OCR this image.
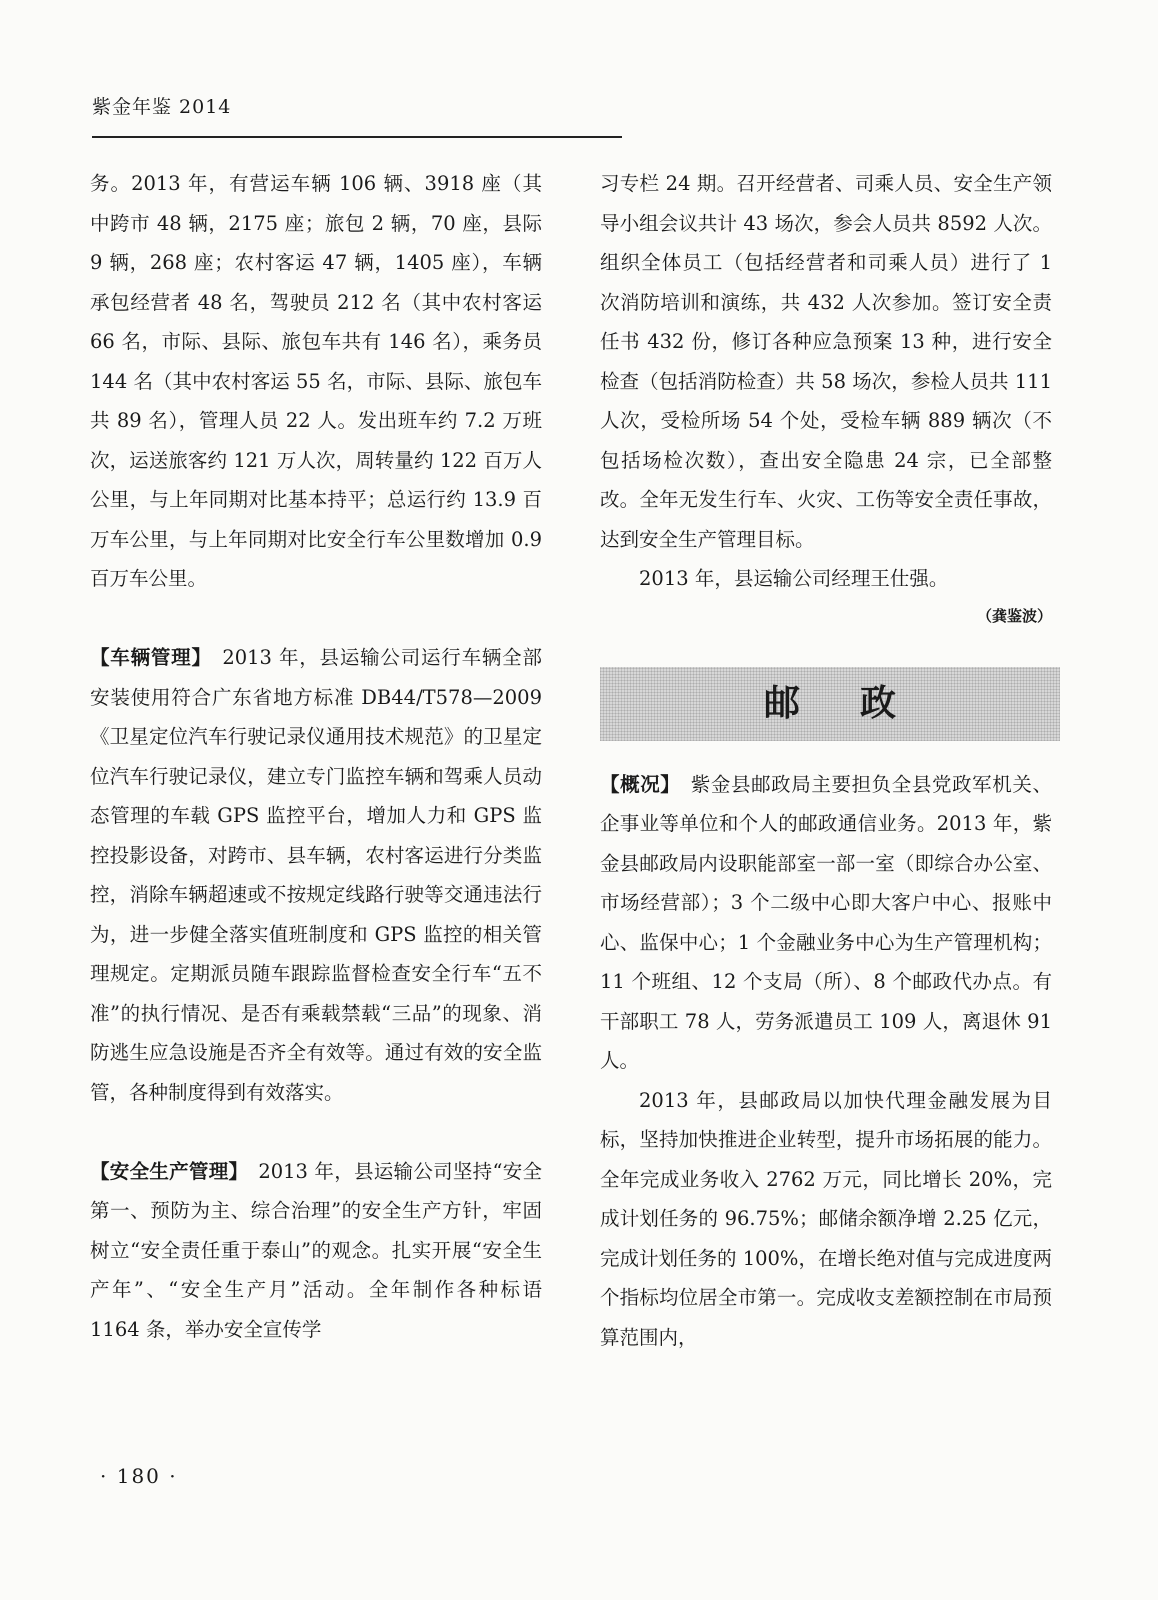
紫金年鉴 2014

务。2013 年，有营运车辆 106 辆、3918 座（其中跨市 48 辆，2175 座；旅包 2 辆，70 座，县际 9 辆，268 座；农村客运 47 辆，1405 座），车辆承包经营者 48 名，驾驶员 212 名（其中农村客运 66 名，市际、县际、旅包车共有 146 名），乘务员 144 名（其中农村客运 55 名，市际、县际、旅包车共 89 名），管理人员 22 人。发出班车约 7.2 万班次，运送旅客约 121 万人次，周转量约 122 百万人公里，与上年同期对比基本持平；总运行约 13.9 百万车公里，与上年同期对比安全行车公里数增加 0.9 百万车公里。

【车辆管理】　 2013 年，县运输公司运行车辆全部安装使用符合广东省地方标准 DB44/T578—2009《卫星定位汽车行驶记录仪通用技术规范》的卫星定位汽车行驶记录仪，建立专门监控车辆和驾乘人员动态管理的车载 GPS 监控平台，增加人力和 GPS 监控投影设备，对跨市、县车辆，农村客运进行分类监控，消除车辆超速或不按规定线路行驶等交通违法行为，进一步健全落实值班制度和 GPS 监控的相关管理规定。定期派员随车跟踪监督检查安全行车“五不准”的执行情况、是否有乘载禁载“三品”的现象、消防逃生应急设施是否齐全有效等。通过有效的安全监管，各种制度得到有效落实。

【安全生产管理】　 2013 年，县运输公司坚持“安全第一、预防为主、综合治理”的安全生产方针，牢固树立“安全责任重于泰山”的观念。扎实开展“安全生产年”、“安全生产月”活动。全年制作各种标语 1164 条，举办安全宣传学

习专栏 24 期。召开经营者、司乘人员、安全生产领导小组会议共计 43 场次，参会人员共 8592 人次。组织全体员工（包括经营者和司乘人员）进行了 1 次消防培训和演练，共 432 人次参加。签订安全责任书 432 份，修订各种应急预案 13 种，进行安全检查（包括消防检查）共 58 场次，参检人员共 111 人次，受检所场 54 个处，受检车辆 889 辆次（不包括场检次数），查出安全隐患 24 宗，已全部整改。全年无发生行车、火灾、工伤等安全责任事故，达到安全生产管理目标。

2013 年，县运输公司经理王仕强。

（龚鉴波）
邮政

【概况】　 紫金县邮政局主要担负全县党政军机关、企事业等单位和个人的邮政通信业务。2013 年，紫金县邮政局内设职能部室一部一室（即综合办公室、市场经营部）；3 个二级中心即大客户中心、报账中心、监保中心；1 个金融业务中心为生产管理机构；11 个班组、12 个支局（所）、8 个邮政代办点。有干部职工 78 人，劳务派遣员工 109 人，离退休 91 人。

2013 年，县邮政局以加快代理金融发展为目标，坚持加快推进企业转型，提升市场拓展的能力。全年完成业务收入 2762 万元，同比增长 20%，完成计划任务的 96.75%；邮储余额净增 2.25 亿元，完成计划任务的 100%，在增长绝对值与完成进度两个指标均位居全市第一。完成收支差额控制在市局预算范围内，

· 180 ·
